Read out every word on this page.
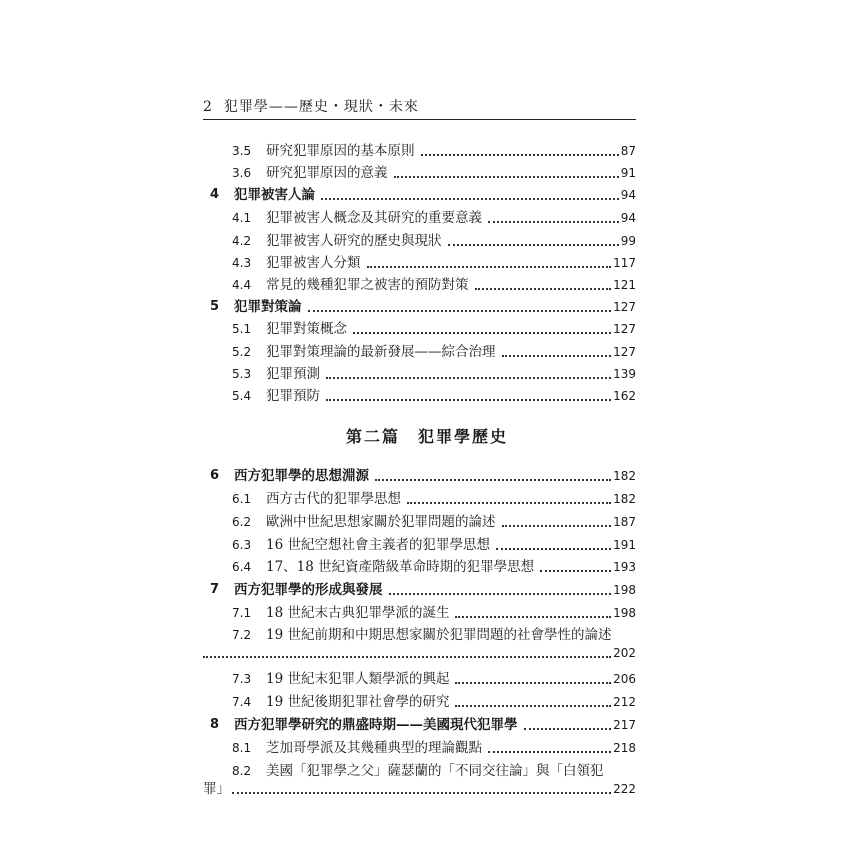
2 犯罪學——歷史・現狀・未來
3.5	研究犯罪原因的基本原則	87
3.6	研究犯罪原因的意義	91
4	犯罪被害人論	94
4.1	犯罪被害人概念及其研究的重要意義	94
4.2	犯罪被害人研究的歷史與現狀	99
4.3	犯罪被害人分類	117
4.4	常見的幾種犯罪之被害的預防對策	121
5	犯罪對策論	127
5.1	犯罪對策概念	127
5.2	犯罪對策理論的最新發展——綜合治理	127
5.3	犯罪預測	139
5.4	犯罪預防	162
第二篇　犯罪學歷史
6	西方犯罪學的思想淵源	182
6.1	西方古代的犯罪學思想	182
6.2	歐洲中世紀思想家關於犯罪問題的論述	187
6.3	16 世紀空想社會主義者的犯罪學思想	191
6.4	17、18 世紀資產階級革命時期的犯罪學思想	193
7	西方犯罪學的形成與發展	198
7.1	18 世紀末古典犯罪學派的誕生	198
7.2	19 世紀前期和中期思想家關於犯罪問題的社會學性的論述
202
7.3	19 世紀末犯罪人類學派的興起	206
7.4	19 世紀後期犯罪社會學的研究	212
8	西方犯罪學研究的鼎盛時期——美國現代犯罪學	217
8.1	芝加哥學派及其幾種典型的理論觀點	218
8.2	美國「犯罪學之父」薩瑟蘭的「不同交往論」與「白領犯
罪」	222
